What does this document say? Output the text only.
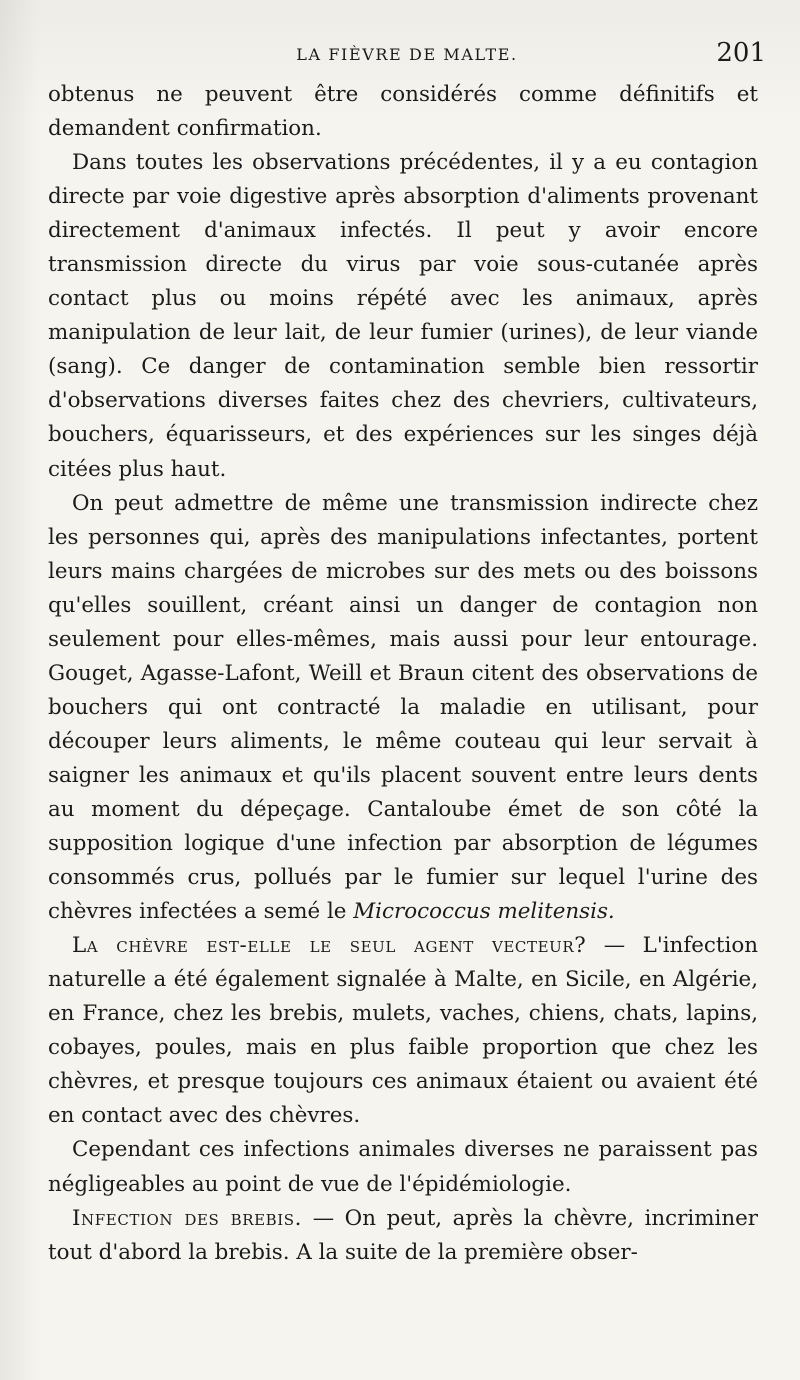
LA FIÈVRE DE MALTE.	201

obtenus ne peuvent être considérés comme définitifs et demandent confirmation.

Dans toutes les observations précédentes, il y a eu contagion directe par voie digestive après absorption d'aliments provenant directement d'animaux infectés. Il peut y avoir encore transmission directe du virus par voie sous-cutanée après contact plus ou moins répété avec les animaux, après manipulation de leur lait, de leur fumier (urines), de leur viande (sang). Ce danger de contamination semble bien ressortir d'observations diverses faites chez des chevriers, cultivateurs, bouchers, équarisseurs, et des expériences sur les singes déjà citées plus haut.

On peut admettre de même une transmission indirecte chez les personnes qui, après des manipulations infectantes, portent leurs mains chargées de microbes sur des mets ou des boissons qu'elles souillent, créant ainsi un danger de contagion non seulement pour elles-mêmes, mais aussi pour leur entourage. Gouget, Agasse-Lafont, Weill et Braun citent des observations de bouchers qui ont contracté la maladie en utilisant, pour découper leurs aliments, le même couteau qui leur servait à saigner les animaux et qu'ils placent souvent entre leurs dents au moment du dépeçage. Cantaloube émet de son côté la supposition logique d'une infection par absorption de légumes consommés crus, pollués par le fumier sur lequel l'urine des chèvres infectées a semé le Micrococcus melitensis.

La chèvre est-elle le seul agent vecteur? — L'infection naturelle a été également signalée à Malte, en Sicile, en Algérie, en France, chez les brebis, mulets, vaches, chiens, chats, lapins, cobayes, poules, mais en plus faible proportion que chez les chèvres, et presque toujours ces animaux étaient ou avaient été en contact avec des chèvres.

Cependant ces infections animales diverses ne paraissent pas négligeables au point de vue de l'épidémiologie.

Infection des brebis. — On peut, après la chèvre, incriminer tout d'abord la brebis. A la suite de la première obser-
